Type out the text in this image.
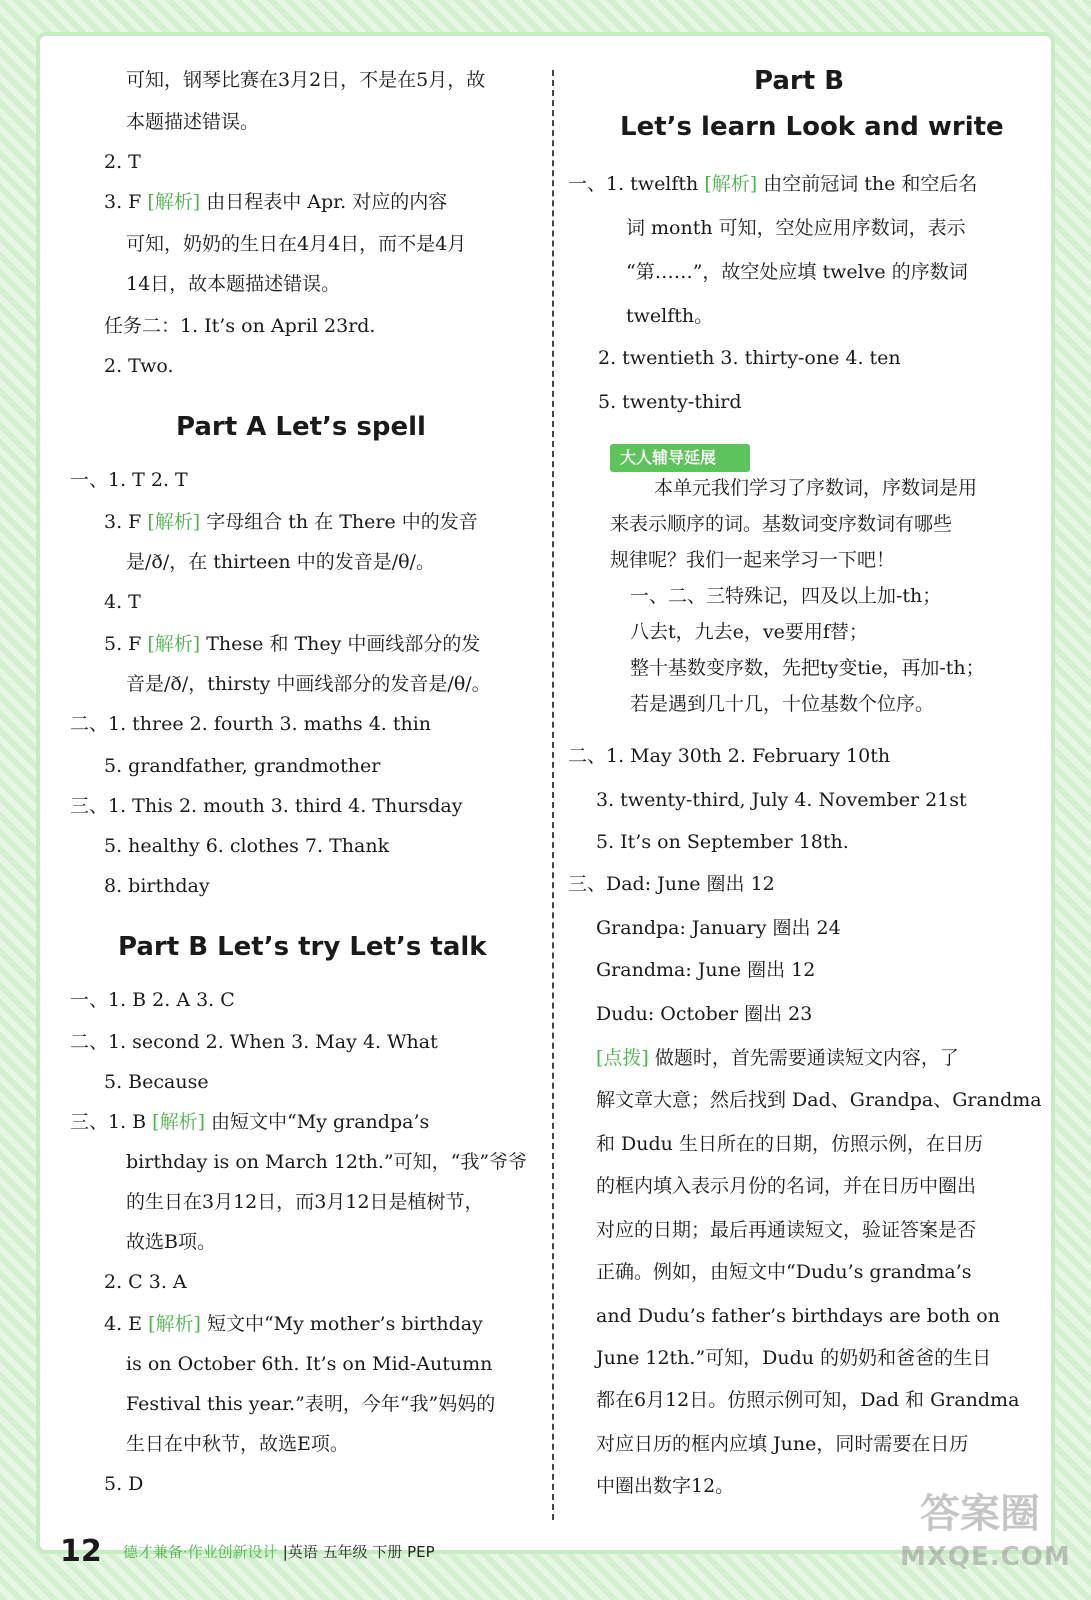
Part A Let’s spell
Part B Let’s try Let’s talk
可知，钢琴比赛在3月2日，不是在5月，故
本题描述错误。
2. T
3. F [解析] 由日程表中 Apr. 对应的内容
可知，奶奶的生日在4月4日，而不是4月
14日，故本题描述错误。
任务二：1. It’s on April 23rd.
2. Two.
一、1. T 2. T
3. F [解析] 字母组合 th 在 There 中的发音
是/ð/，在 thirteen 中的发音是/θ/。
4. T
5. F [解析] These 和 They 中画线部分的发
音是/ð/，thirsty 中画线部分的发音是/θ/。
二、1. three 2. fourth 3. maths 4. thin
5. grandfather, grandmother
三、1. This 2. mouth 3. third 4. Thursday
5. healthy 6. clothes 7. Thank
8. birthday
一、1. B 2. A 3. C
二、1. second 2. When 3. May 4. What
5. Because
三、1. B [解析] 由短文中“My grandpa’s
birthday is on March 12th.”可知，“我”爷爷
的生日在3月12日，而3月12日是植树节，
故选B项。
2. C 3. A
4. E [解析] 短文中“My mother’s birthday
is on October 6th. It’s on Mid-Autumn
Festival this year.”表明，今年“我”妈妈的
生日在中秋节，故选E项。
5. D
Part B
Let’s learn Look and write
一、1. twelfth [解析] 由空前冠词 the 和空后名
词 month 可知，空处应用序数词，表示
“第……”，故空处应填 twelve 的序数词
twelfth。
2. twentieth 3. thirty-one 4. ten
5. twenty-third
本单元我们学习了序数词，序数词是用
来表示顺序的词。基数词变序数词有哪些
规律呢？我们一起来学习一下吧！
一、二、三特殊记，四及以上加-th；
八去t，九去e，ve要用f替；
整十基数变序数，先把ty变tie，再加-th；
若是遇到几十几，十位基数个位序。
二、1. May 30th 2. February 10th
3. twenty-third, July 4. November 21st
5. It’s on September 18th.
三、Dad: June 圈出 12
Grandpa: January 圈出 24
Grandma: June 圈出 12
Dudu: October 圈出 23
[点拨] 做题时，首先需要通读短文内容，了
解文章大意；然后找到 Dad、Grandpa、Grandma
和 Dudu 生日所在的日期，仿照示例，在日历
的框内填入表示月份的名词，并在日历中圈出
对应的日期；最后再通读短文，验证答案是否
正确。例如，由短文中“Dudu’s grandma’s
and Dudu’s father’s birthdays are both on
June 12th.”可知，Dudu 的奶奶和爸爸的生日
都在6月12日。仿照示例可知，Dad 和 Grandma
对应日历的框内应填 June，同时需要在日历
中圈出数字12。
大人辅导延展
12 德才兼备·作业创新设计 |英语 五年级 下册 PEP
答案圈
MXQE.COM
